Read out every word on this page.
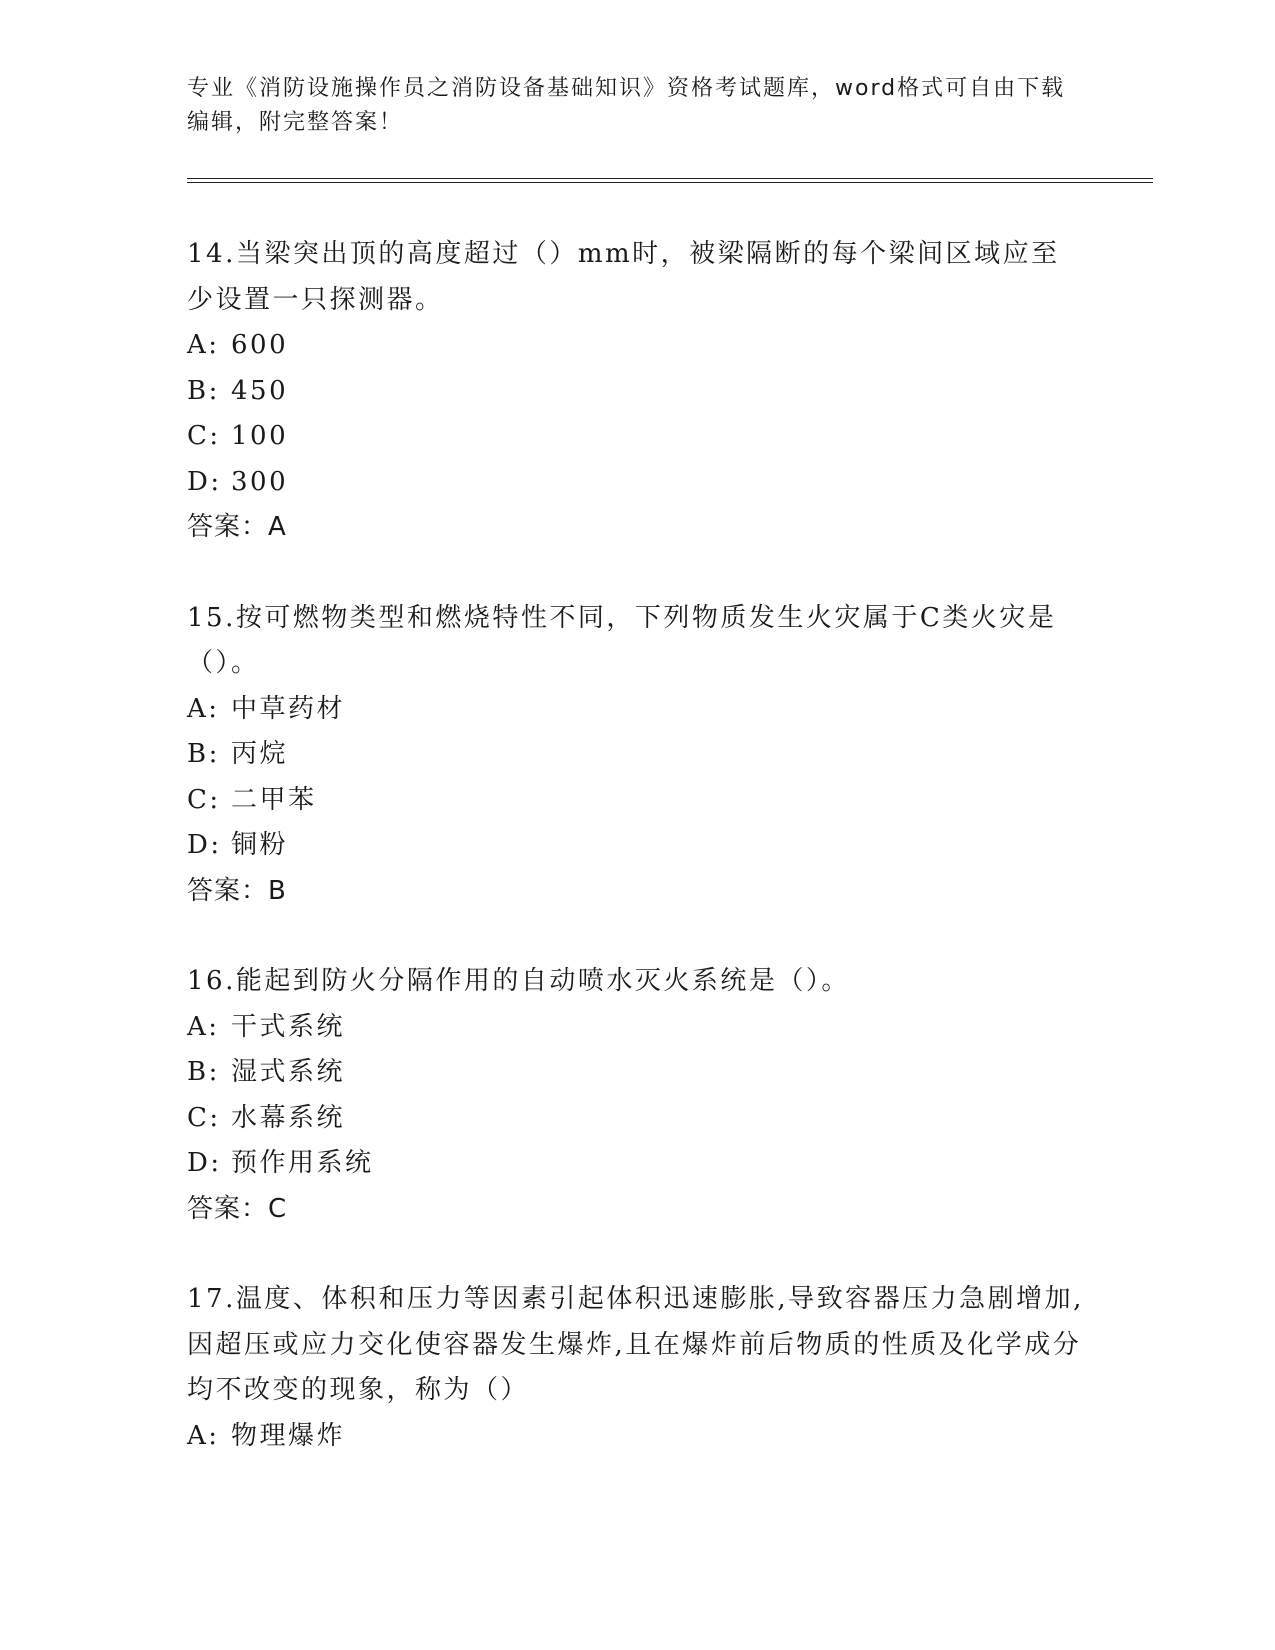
专业《消防设施操作员之消防设备基础知识》资格考试题库，word格式可自由下载编辑，附完整答案！

14.当梁突出顶的高度超过（）mm时，被梁隔断的每个梁间区域应至少设置一只探测器。

A: 600
B: 450
C: 100
D: 300
答案：A

15.按可燃物类型和燃烧特性不同，下列物质发生火灾属于C类火灾是（）。

A: 中草药材
B: 丙烷
C: 二甲苯
D: 铜粉
答案：B

16.能起到防火分隔作用的自动喷水灭火系统是（）。

A: 干式系统
B: 湿式系统
C: 水幕系统
D: 预作用系统
答案：C

17.温度、体积和压力等因素引起体积迅速膨胀,导致容器压力急剧增加,因超压或应力交化使容器发生爆炸,且在爆炸前后物质的性质及化学成分均不改变的现象，称为（）

A: 物理爆炸
